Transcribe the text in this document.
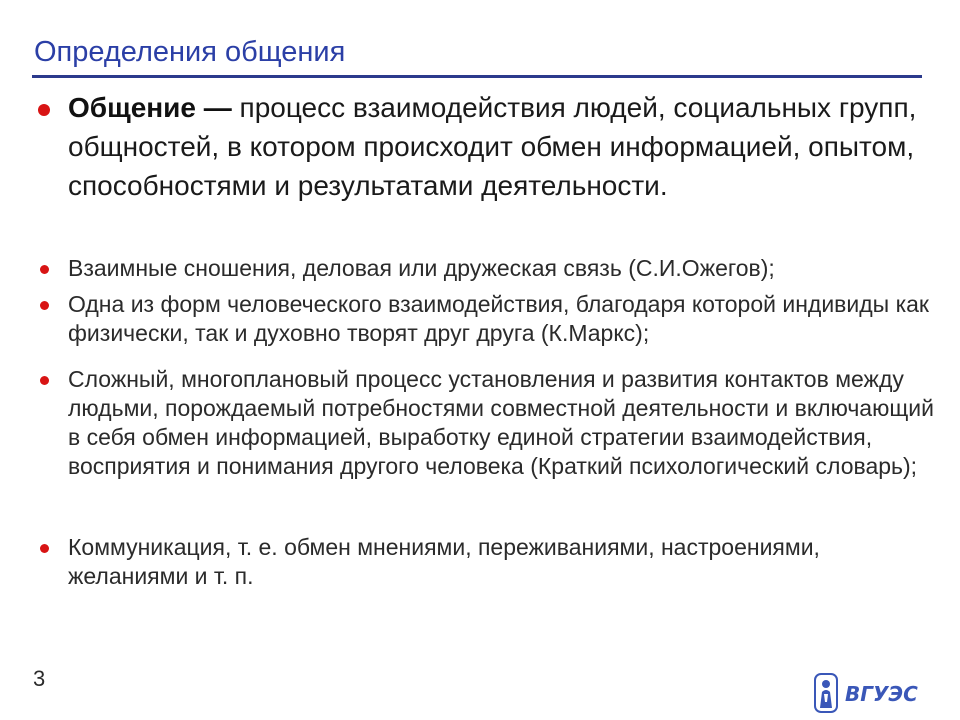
Определения общения
Общение — процесс взаимодействия людей, социальных групп, общностей, в котором происходит обмен информацией, опытом, способностями и результатами деятельности.
Взаимные сношения, деловая или дружеская связь (С.И.Ожегов);
Одна из форм человеческого взаимодействия, благодаря которой индивиды как физически, так и духовно творят друг друга (К.Маркс);
Сложный, многоплановый процесс установления и развития контактов между людьми, порождаемый потребностями совместной деятельности и включающий в себя обмен информацией, выработку единой стратегии взаимодействия, восприятия и понимания другого человека (Краткий психологический словарь);
Коммуникация, т. е. обмен мнениями, переживаниями, настроениями, желаниями и т. п.
3
ВГУЭС
